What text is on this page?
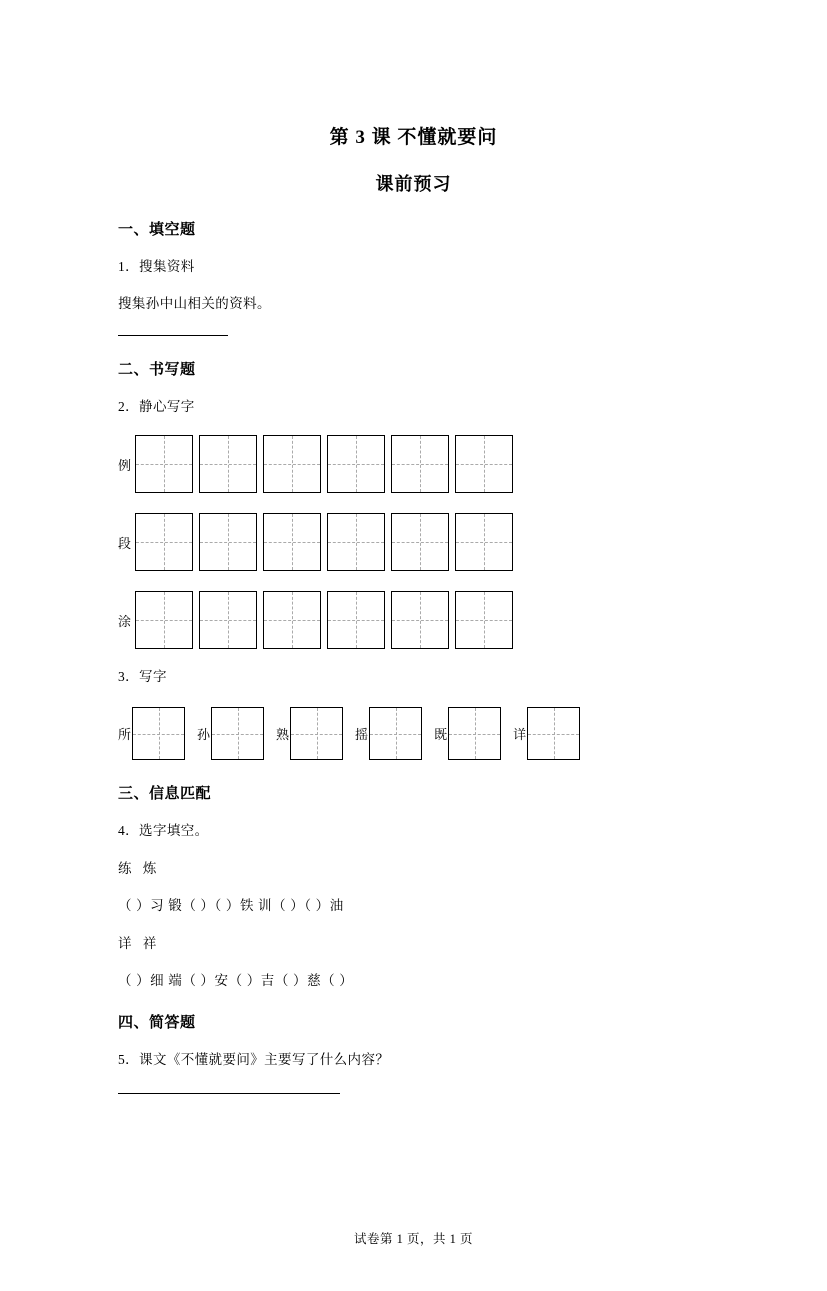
第 3 课 不懂就要问
课前预习
一、填空题
1．搜集资料
搜集孙中山相关的资料。
二、书写题
2．静心写字
例
段
涂
3．写字
所	孙	熟	摇	既	详
三、信息匹配
4．选字填空。
练 炼
（ ）习 锻（ ）（ ）铁 训（ ）（ ）油
详 祥
（ ）细 端（ ）安（ ）吉（ ）慈（ ）
四、简答题
5．课文《不懂就要问》主要写了什么内容？
试卷第 1 页，共 1 页
